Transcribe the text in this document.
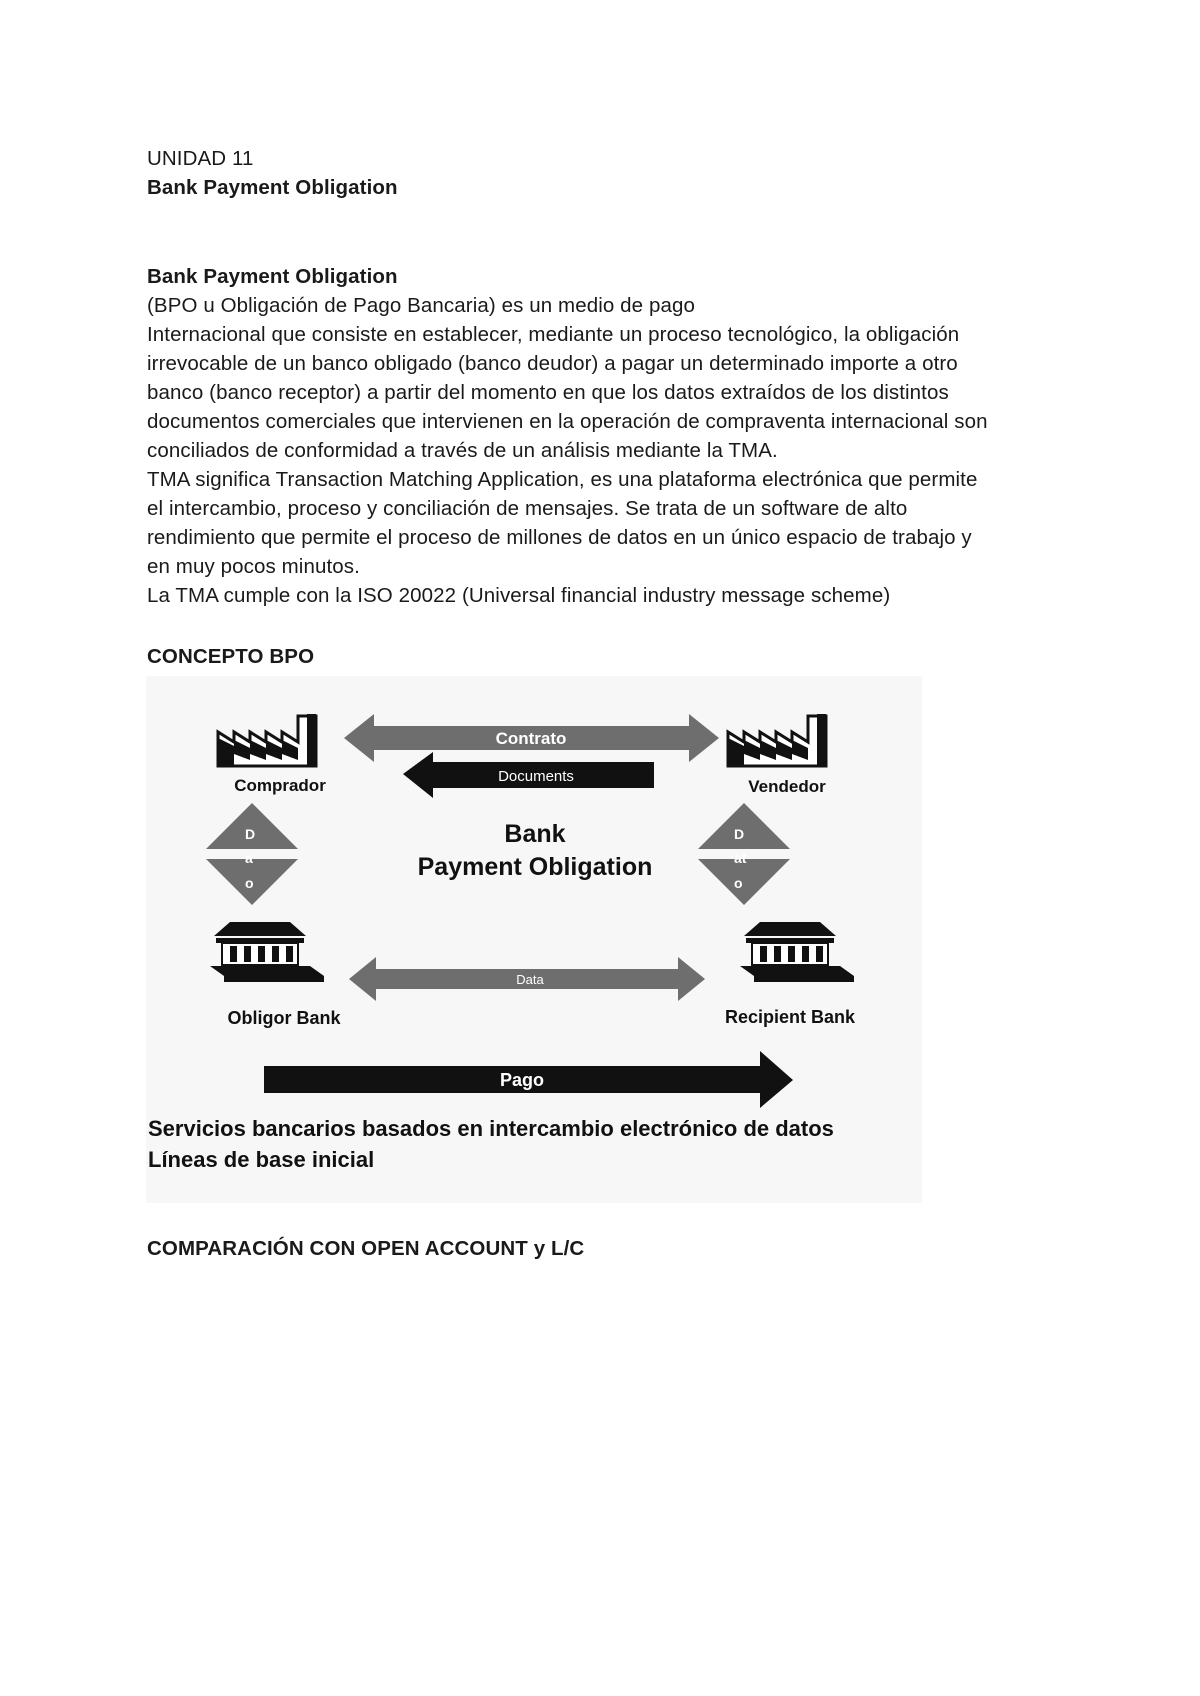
UNIDAD 11
Bank Payment Obligation
Bank Payment Obligation
(BPO u Obligación de Pago Bancaria) es un medio de pago
Internacional que consiste en establecer, mediante un proceso tecnológico, la obligación
irrevocable de un banco obligado (banco deudor) a pagar un determinado importe a otro
banco (banco receptor) a partir del momento en que los datos extraídos de los distintos
documentos comerciales que intervienen en la operación de compraventa internacional son
conciliados de conformidad a través de un análisis mediante la TMA.
TMA significa Transaction Matching Application, es una plataforma electrónica que permite
el intercambio, proceso y conciliación de mensajes. Se trata de un software de alto
rendimiento que permite el proceso de millones de datos en un único espacio de trabajo y
en muy pocos minutos.
La TMA cumple con la ISO 20022 (Universal financial industry message scheme)
CONCEPTO BPO
Comprador	Vendedor
Contrato
Documents
Bank
Payment Obligation
D
a
o
D
at
o
Obligor Bank	Recipient Bank
Data
Pago
Servicios bancarios basados en intercambio electrónico de datos
Líneas de base inicial
COMPARACIÓN CON OPEN ACCOUNT y L/C
